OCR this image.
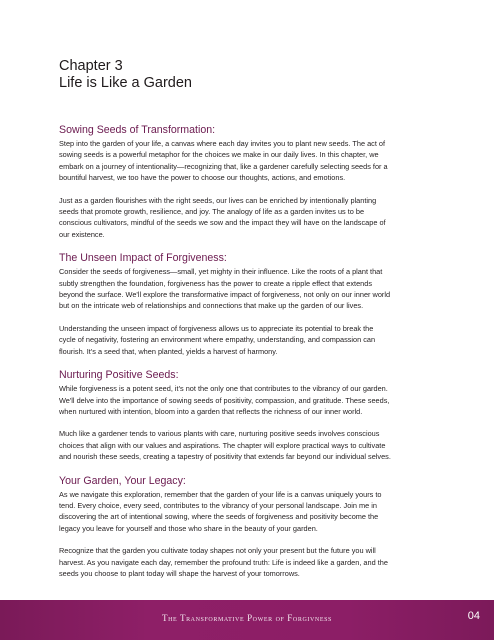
Chapter 3
Life is Like a Garden
Sowing Seeds of Transformation:
Step into the garden of your life, a canvas where each day invites you to plant new seeds. The act of
sowing seeds is a powerful metaphor for the choices we make in our daily lives. In this chapter, we
embark on a journey of intentionality—recognizing that, like a gardener carefully selecting seeds for a
bountiful harvest, we too have the power to choose our thoughts, actions, and emotions.
Just as a garden flourishes with the right seeds, our lives can be enriched by intentionally planting
seeds that promote growth, resilience, and joy. The analogy of life as a garden invites us to be
conscious cultivators, mindful of the seeds we sow and the impact they will have on the landscape of
our existence.
The Unseen Impact of Forgiveness:
Consider the seeds of forgiveness—small, yet mighty in their influence. Like the roots of a plant that
subtly strengthen the foundation, forgiveness has the power to create a ripple effect that extends
beyond the surface. We'll explore the transformative impact of forgiveness, not only on our inner world
but on the intricate web of relationships and connections that make up the garden of our lives.
Understanding the unseen impact of forgiveness allows us to appreciate its potential to break the
cycle of negativity, fostering an environment where empathy, understanding, and compassion can
flourish. It's a seed that, when planted, yields a harvest of harmony.
Nurturing Positive Seeds:
While forgiveness is a potent seed, it's not the only one that contributes to the vibrancy of our garden.
We'll delve into the importance of sowing seeds of positivity, compassion, and gratitude. These seeds,
when nurtured with intention, bloom into a garden that reflects the richness of our inner world.
Much like a gardener tends to various plants with care, nurturing positive seeds involves conscious
choices that align with our values and aspirations. The chapter will explore practical ways to cultivate
and nourish these seeds, creating a tapestry of positivity that extends far beyond our individual selves.
Your Garden, Your Legacy:
As we navigate this exploration, remember that the garden of your life is a canvas uniquely yours to
tend. Every choice, every seed, contributes to the vibrancy of your personal landscape. Join me in
discovering the art of intentional sowing, where the seeds of forgiveness and positivity become the
legacy you leave for yourself and those who share in the beauty of your garden.
Recognize that the garden you cultivate today shapes not only your present but the future you will
harvest. As you navigate each day, remember the profound truth: Life is indeed like a garden, and the
seeds you choose to plant today will shape the harvest of your tomorrows.
The Transformative Power of Forgivness	04
